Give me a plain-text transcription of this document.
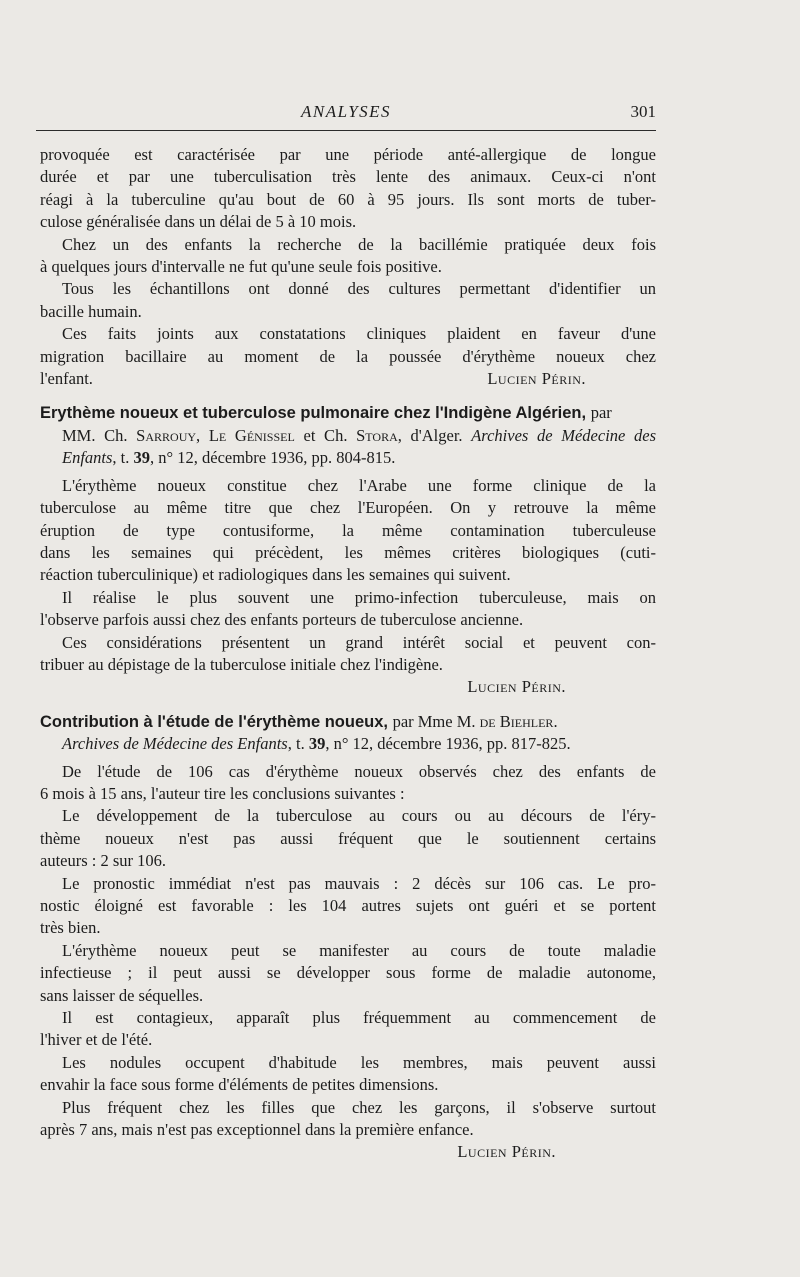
ANALYSES	301
provoquée est caractérisée par une période anté-allergique de longue
durée et par une tuberculisation très lente des animaux. Ceux-ci n'ont
réagi à la tuberculine qu'au bout de 60 à 95 jours. Ils sont morts de tuber-
culose généralisée dans un délai de 5 à 10 mois.
Chez un des enfants la recherche de la bacillémie pratiquée deux fois
à quelques jours d'intervalle ne fut qu'une seule fois positive.
Tous les échantillons ont donné des cultures permettant d'identifier un
bacille humain.
Ces faits joints aux constatations cliniques plaident en faveur d'une
migration bacillaire au moment de la poussée d'érythème noueux chez
l'enfant.	Lucien Périn.
Erythème noueux et tuberculose pulmonaire chez l'Indigène Algérien, par
MM. Ch. Sarrouy, Le Génissel et Ch. Stora, d'Alger. Archives de Médecine des Enfants, t. 39, n° 12, décembre 1936, pp. 804-815.
L'érythème noueux constitue chez l'Arabe une forme clinique de la
tuberculose au même titre que chez l'Européen. On y retrouve la même
éruption de type contusiforme, la même contamination tuberculeuse
dans les semaines qui précèdent, les mêmes critères biologiques (cuti-
réaction tuberculinique) et radiologiques dans les semaines qui suivent.
Il réalise le plus souvent une primo-infection tuberculeuse, mais on
l'observe parfois aussi chez des enfants porteurs de tuberculose ancienne.
Ces considérations présentent un grand intérêt social et peuvent con-
tribuer au dépistage de la tuberculose initiale chez l'indigène.
Lucien Périn.
Contribution à l'étude de l'érythème noueux, par Mme M. de Biehler.
Archives de Médecine des Enfants, t. 39, n° 12, décembre 1936, pp. 817-825.
De l'étude de 106 cas d'érythème noueux observés chez des enfants de
6 mois à 15 ans, l'auteur tire les conclusions suivantes :
Le développement de la tuberculose au cours ou au décours de l'éry-
thème noueux n'est pas aussi fréquent que le soutiennent certains
auteurs : 2 sur 106.
Le pronostic immédiat n'est pas mauvais : 2 décès sur 106 cas. Le pro-
nostic éloigné est favorable : les 104 autres sujets ont guéri et se portent
très bien.
L'érythème noueux peut se manifester au cours de toute maladie
infectieuse ; il peut aussi se développer sous forme de maladie autonome,
sans laisser de séquelles.
Il est contagieux, apparaît plus fréquemment au commencement de
l'hiver et de l'été.
Les nodules occupent d'habitude les membres, mais peuvent aussi
envahir la face sous forme d'éléments de petites dimensions.
Plus fréquent chez les filles que chez les garçons, il s'observe surtout
après 7 ans, mais n'est pas exceptionnel dans la première enfance.
Lucien Périn.
